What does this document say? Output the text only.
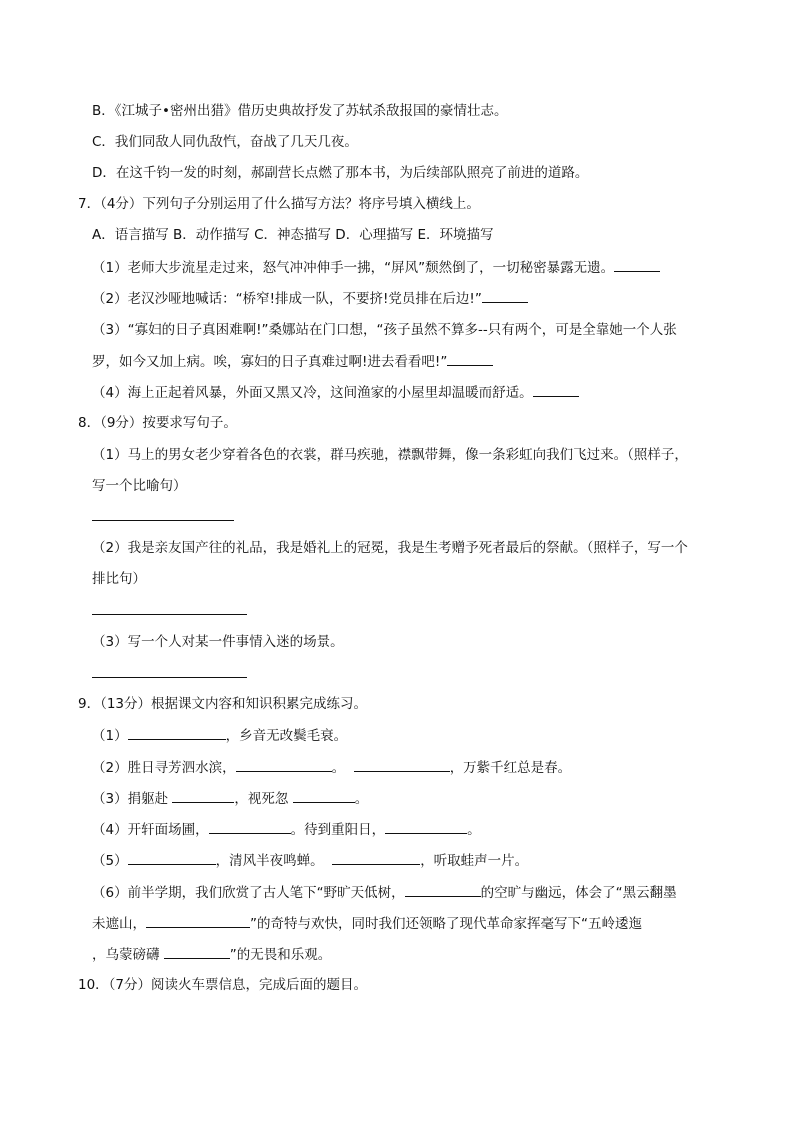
B．《江城子•密州出猎》借历史典故抒发了苏轼杀敌报国的豪情壮志。
C．我们同敌人同仇敌忾，奋战了几天几夜。
D．在这千钧一发的时刻，郝副营长点燃了那本书，为后续部队照亮了前进的道路。
7．（4分）下列句子分别运用了什么描写方法？将序号填入横线上。
A．语言描写 B．动作描写 C．神态描写 D．心理描写 E．环境描写
（1）老师大步流星走过来，怒气冲冲伸手一拂，“屏风”颓然倒了，一切秘密暴露无遗。
（2）老汉沙哑地喊话：“桥窄!排成一队，不要挤!党员排在后边!”
（3）“寡妇的日子真困难啊!”桑娜站在门口想，“孩子虽然不算多--只有两个，可是全靠她一个人张
罗，如今又加上病。唉，寡妇的日子真难过啊!进去看看吧!”
（4）海上正起着风暴，外面又黑又冷，这间渔家的小屋里却温暖而舒适。
8．（9分）按要求写句子。
（1）马上的男女老少穿着各色的衣裳，群马疾驰，襟飘带舞，像一条彩虹向我们飞过来。（照样子，
写一个比喻句）
（2）我是亲友国产往的礼品，我是婚礼上的冠冕，我是生考赠予死者最后的祭献。（照样子，写一个
排比句）
（3）写一个人对某一件事情入迷的场景。
9．（13分）根据课文内容和知识积累完成练习。
（1）	，乡音无改鬓毛衰。
（2）胜日寻芳泗水滨，	。	，万紫千红总是春。
（3）捐躯赴	，视死忽	。
（4）开轩面场圃，	。待到重阳日，	。
（5）	，清风半夜鸣蝉。	，听取蛙声一片。
（6）前半学期，我们欣赏了古人笔下“野旷天低树，	的空旷与幽远，体会了“黑云翻墨
未遮山，	”的奇特与欢快，同时我们还领略了现代革命家挥毫写下“五岭逶迤
，乌蒙磅礴	”的无畏和乐观。
10．（7分）阅读火车票信息，完成后面的题目。
